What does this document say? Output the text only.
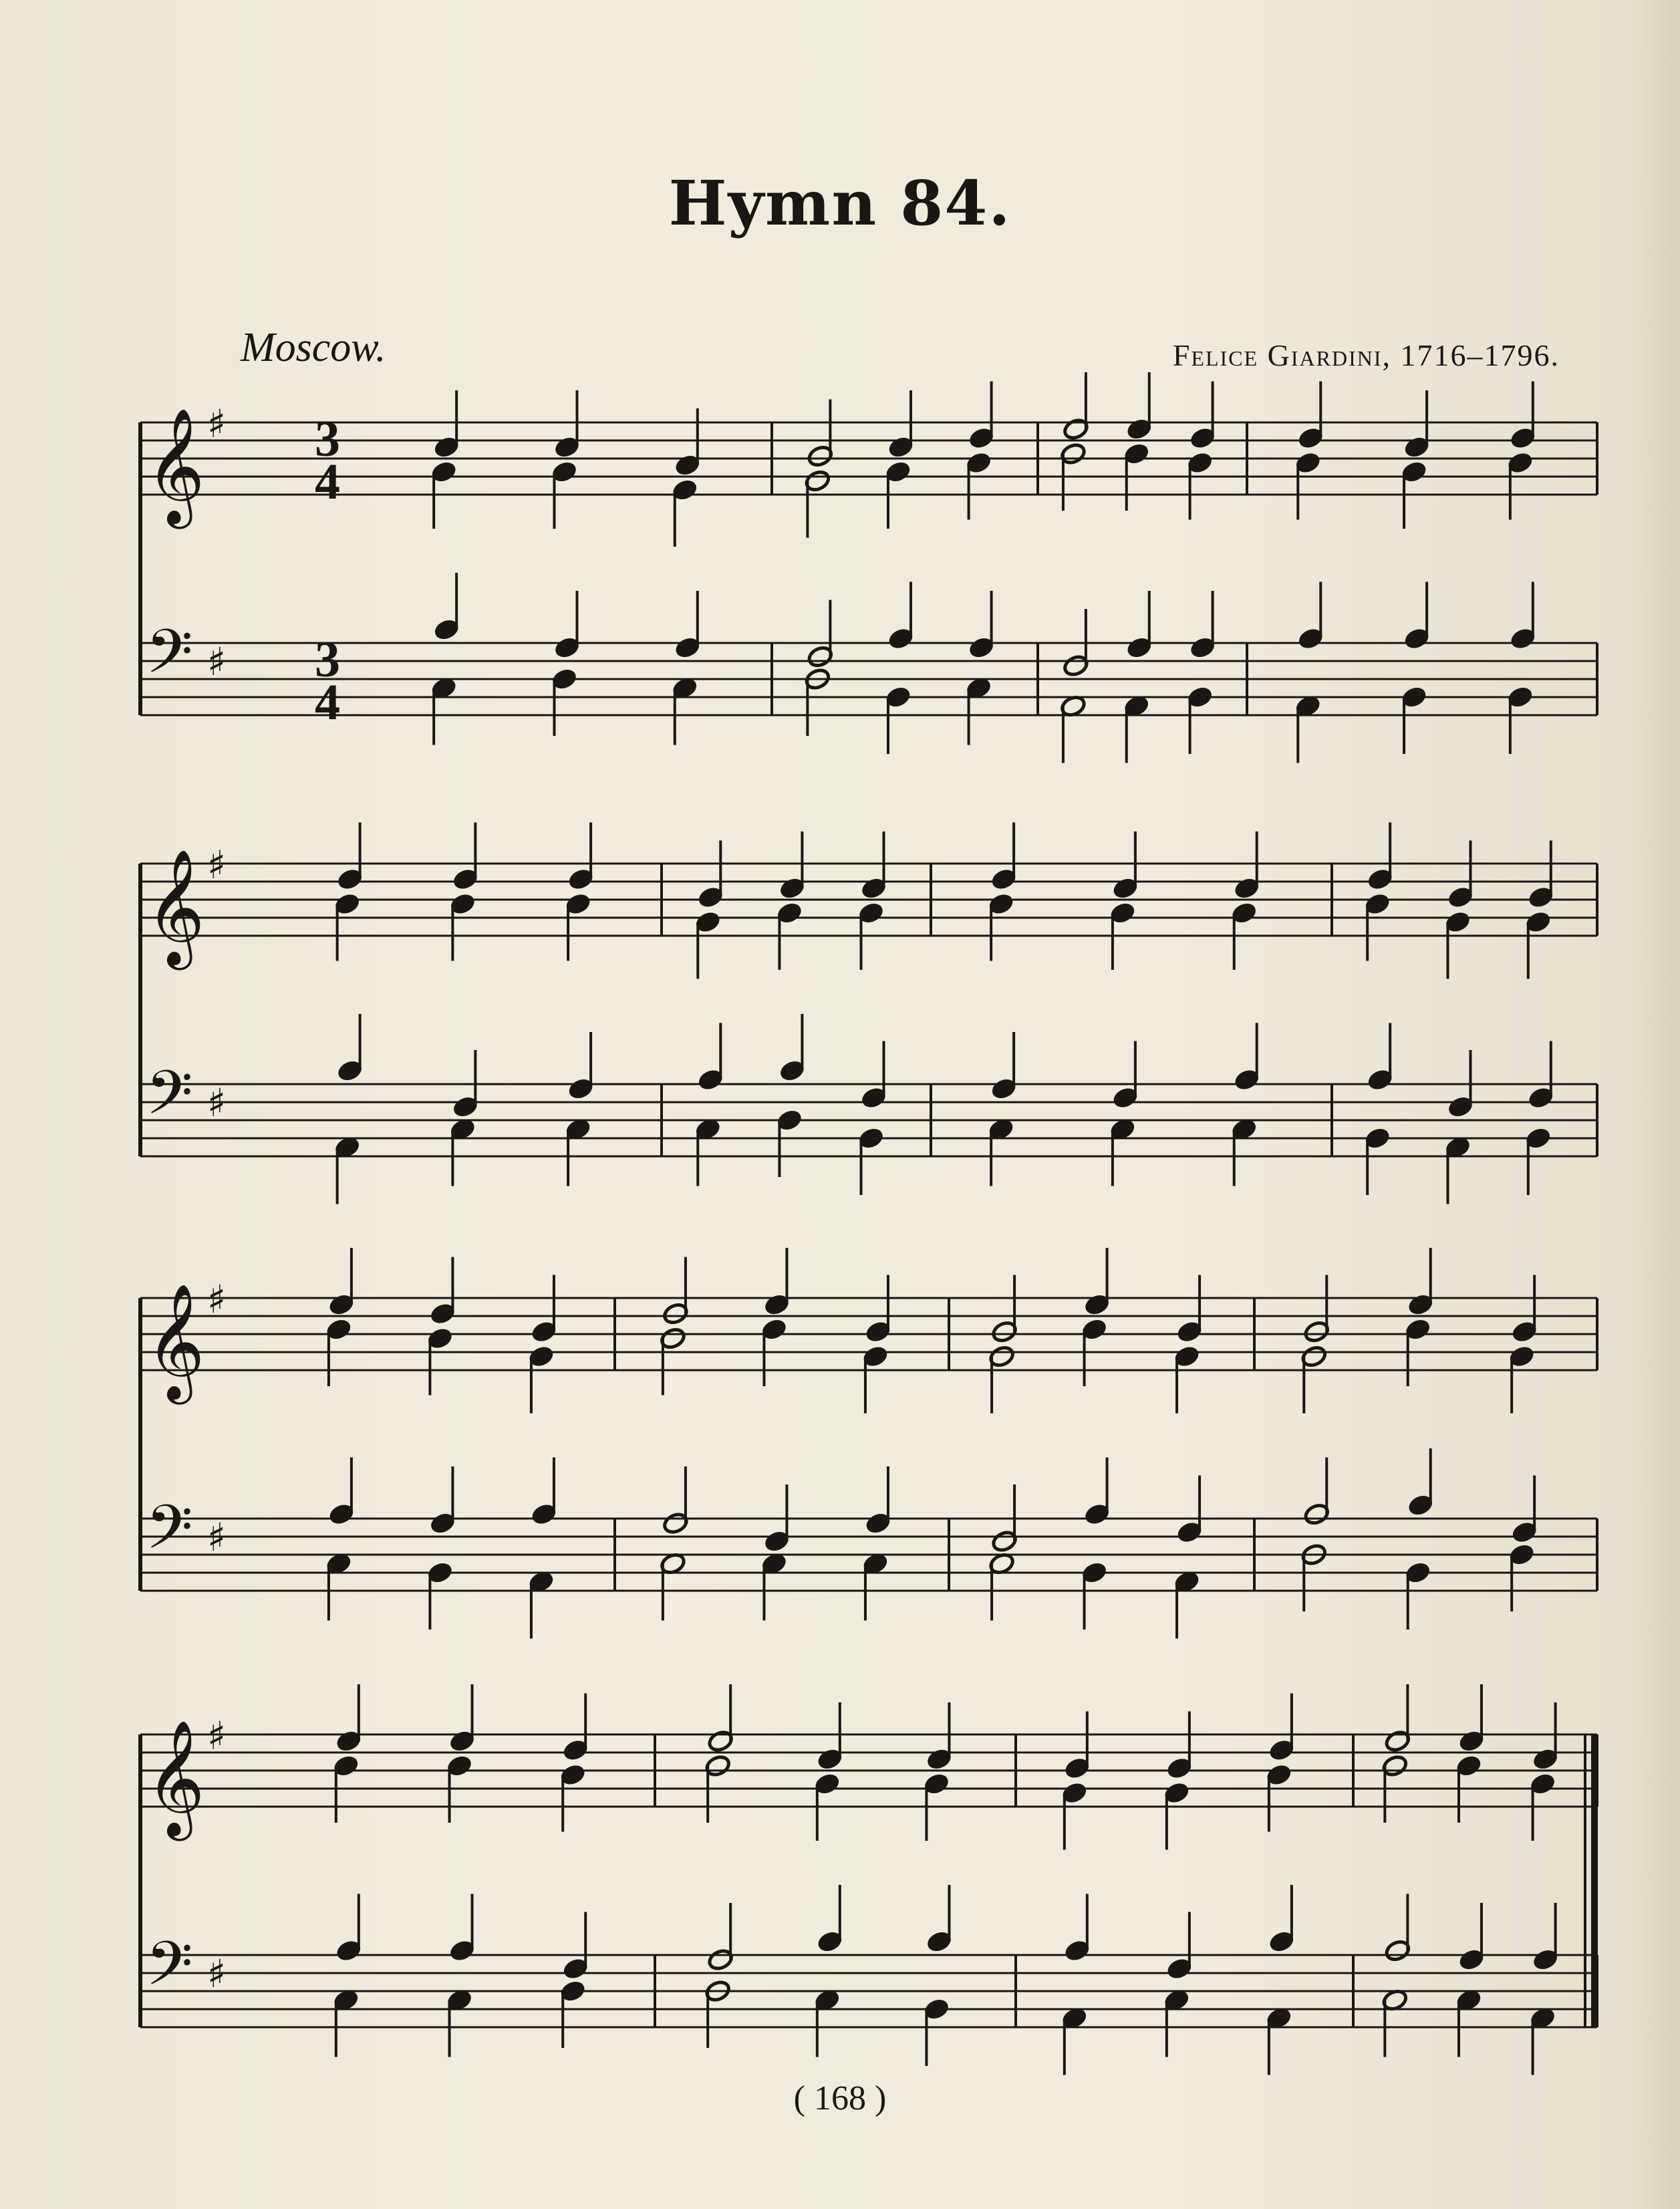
Hymn 84.
Moscow.	Felice Giardini, 1716–1796.
𝄞
𝄢
♯
♯
3
4
3
4
𝄞
𝄢
♯
♯
𝄞
𝄢
♯
♯
𝄞
𝄢
♯
♯
( 168 )
